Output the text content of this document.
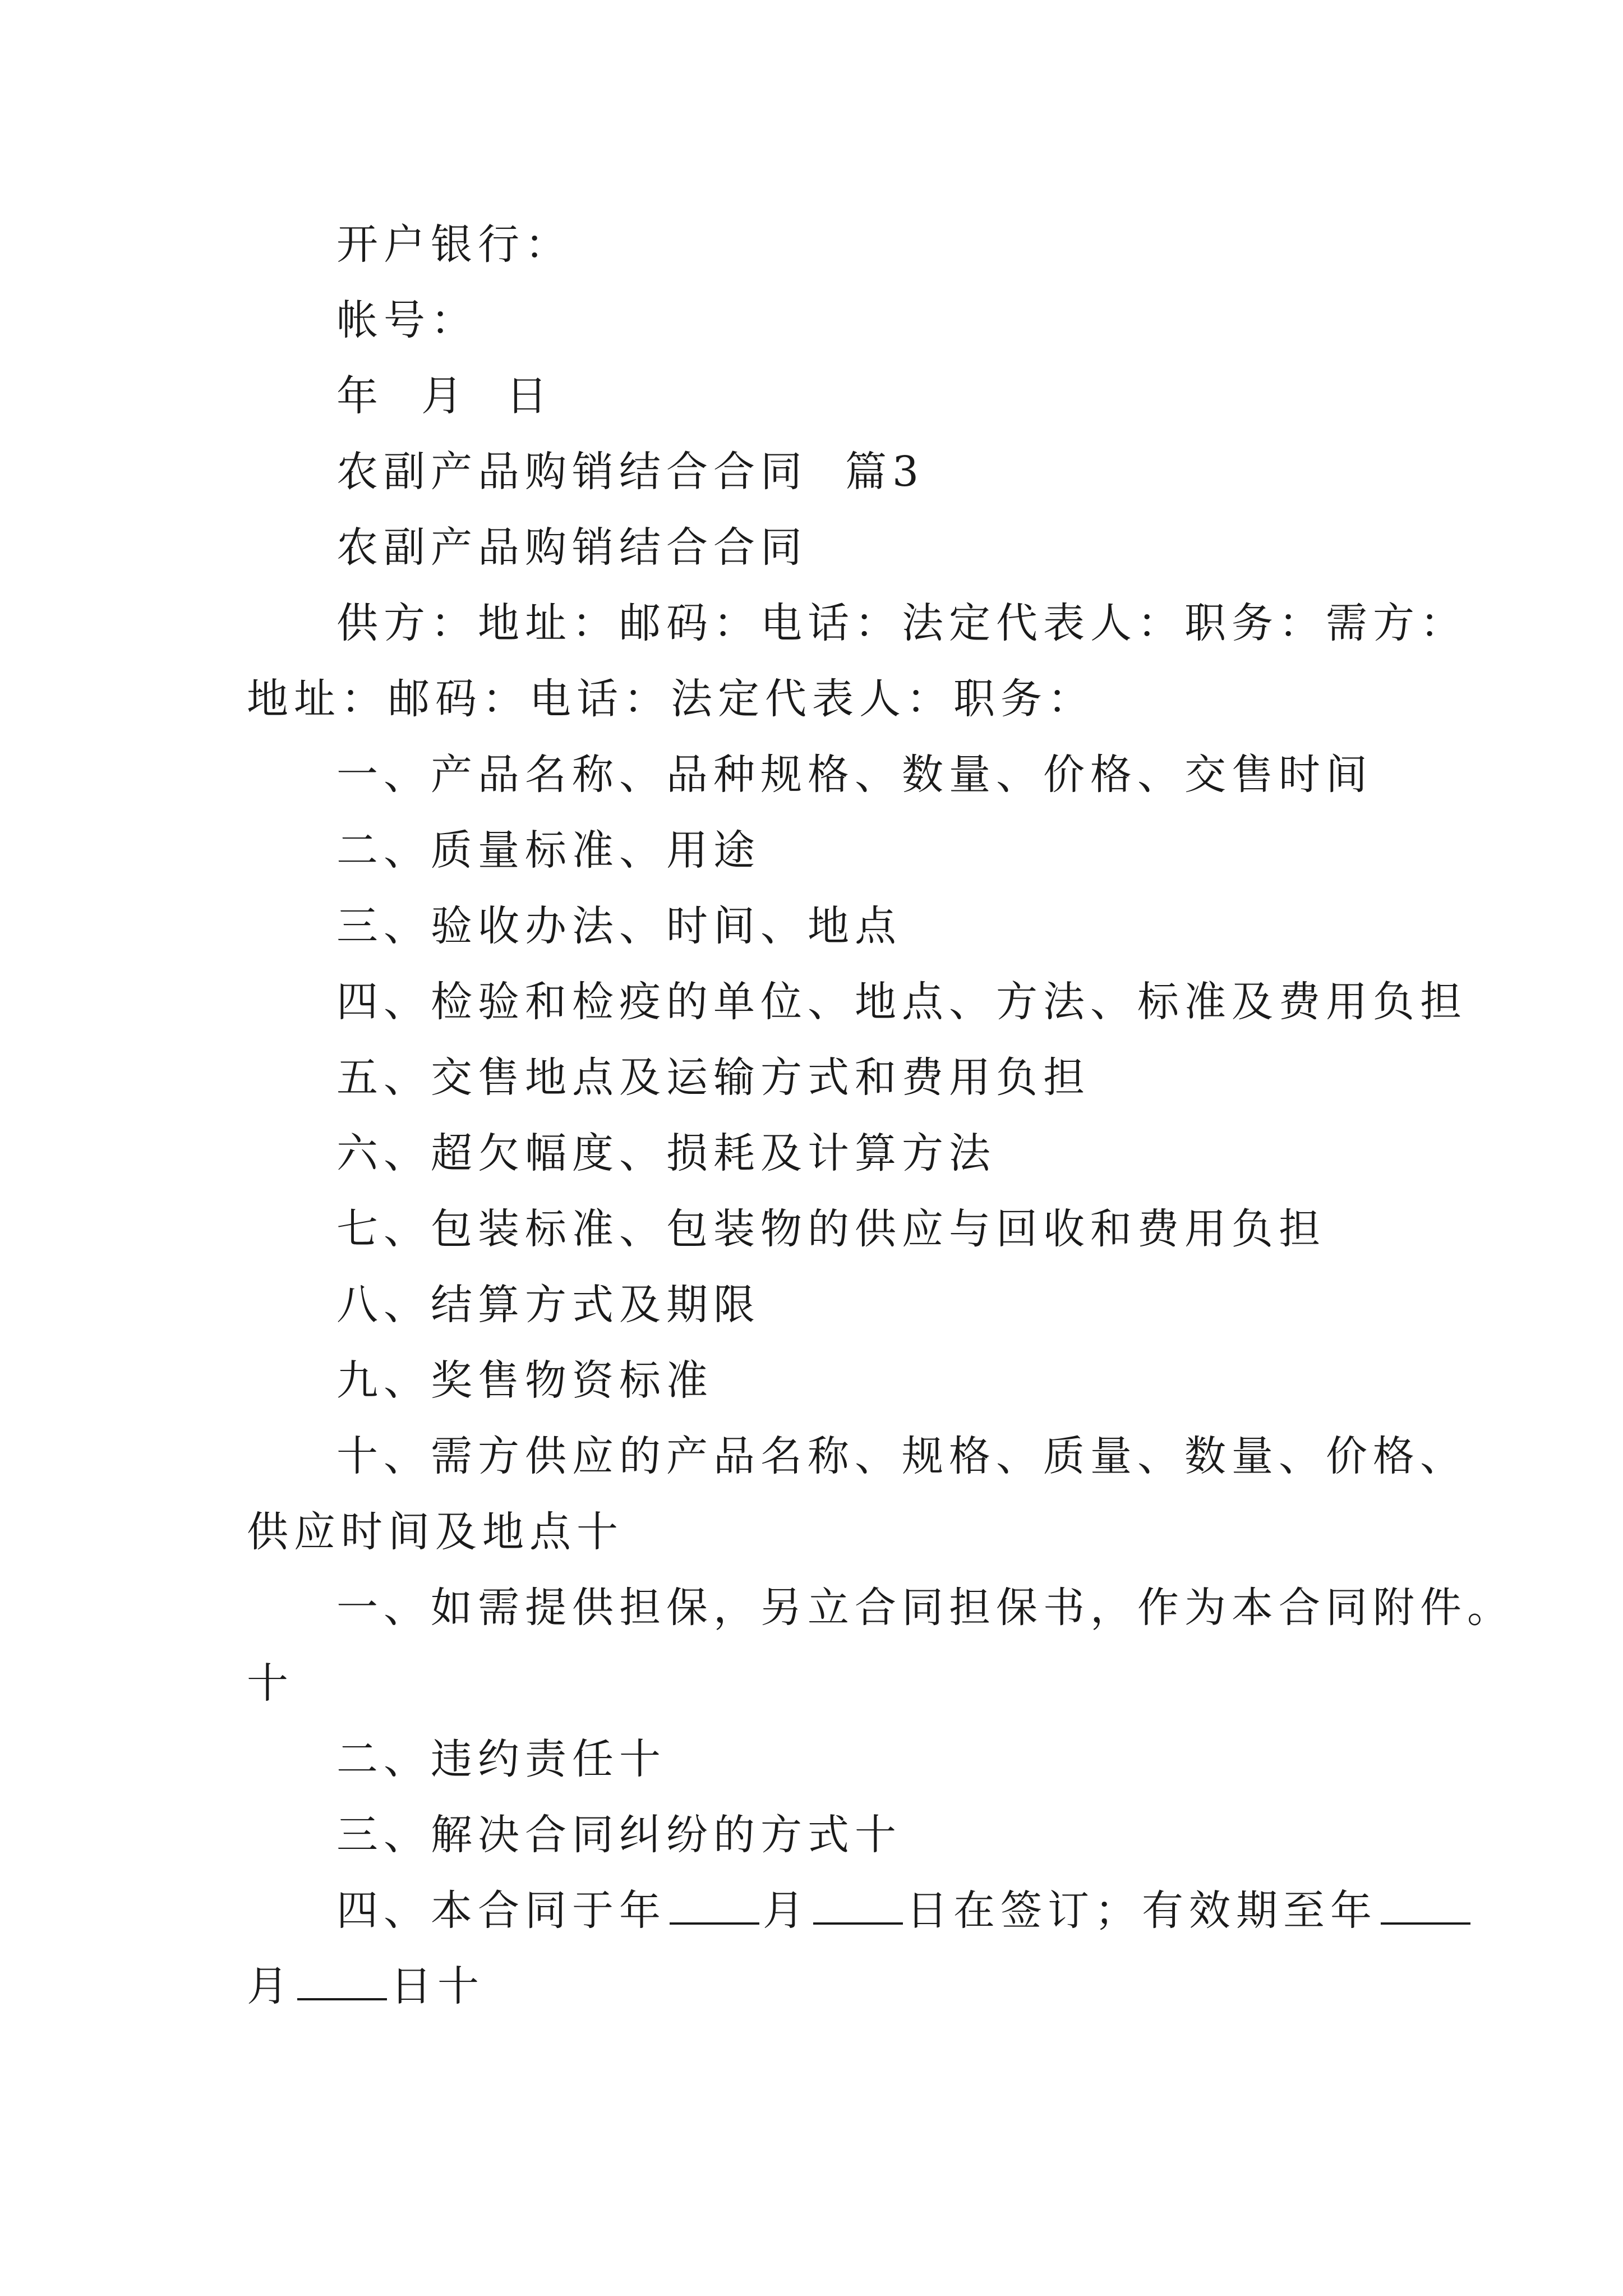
开户银行：
帐号：
年  月  日
农副产品购销结合合同  篇3
农副产品购销结合合同
供方：地址：邮码：电话：法定代表人：职务：需方：
地址：邮码：电话：法定代表人：职务：
一、产品名称、品种规格、数量、价格、交售时间
二、质量标准、用途
三、验收办法、时间、地点
四、检验和检疫的单位、地点、方法、标准及费用负担
五、交售地点及运输方式和费用负担
六、超欠幅度、损耗及计算方法
七、包装标准、包装物的供应与回收和费用负担
八、结算方式及期限
九、奖售物资标准
十、需方供应的产品名称、规格、质量、数量、价格、
供应时间及地点十
一、如需提供担保，另立合同担保书，作为本合同附件。
十
二、违约责任十
三、解决合同纠纷的方式十
四、本合同于年 月 日在签订；有效期至年
月 日十
